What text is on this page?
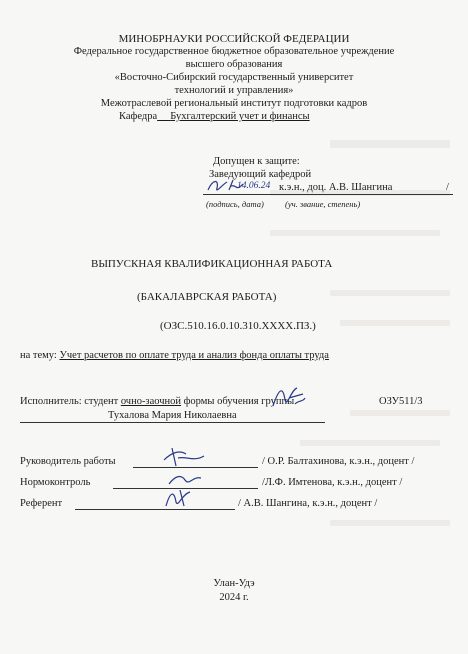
МИНОБРНАУКИ РОССИЙСКОЙ ФЕДЕРАЦИИ
Федеральное государственное бюджетное образовательное учреждение
высшего образования
«Восточно-Сибирский государственный университет
технологий и управления»
Межотраслевой региональный институт подготовки кадров
Кафедра Бухгалтерский учет и финансы
Допущен к защите:
Заведующий кафедрой
14.06.24 к.э.н., доц. А.В. Шангина	/
(подпись, дата) (уч. звание, степень)
ВЫПУСКНАЯ КВАЛИФИКАЦИОННАЯ РАБОТА
(БАКАЛАВРСКАЯ РАБОТА)
(ОЗС.510.16.0.10.310.ХХХХ.ПЗ.)
на тему: Учет расчетов по оплате труда и анализ фонда оплаты труда
Исполнитель: студент очно-заочной формы обучения группы	ОЗУ511/3
Тухалова Мария Николаевна
Руководитель работы	/ О.Р. Балтахинова, к.э.н., доцент /
Нормоконтроль	/Л.Ф. Имтенова, к.э.н., доцент /
Референт	/ А.В. Шангина, к.э.н., доцент /
Улан-Удэ
2024 г.
